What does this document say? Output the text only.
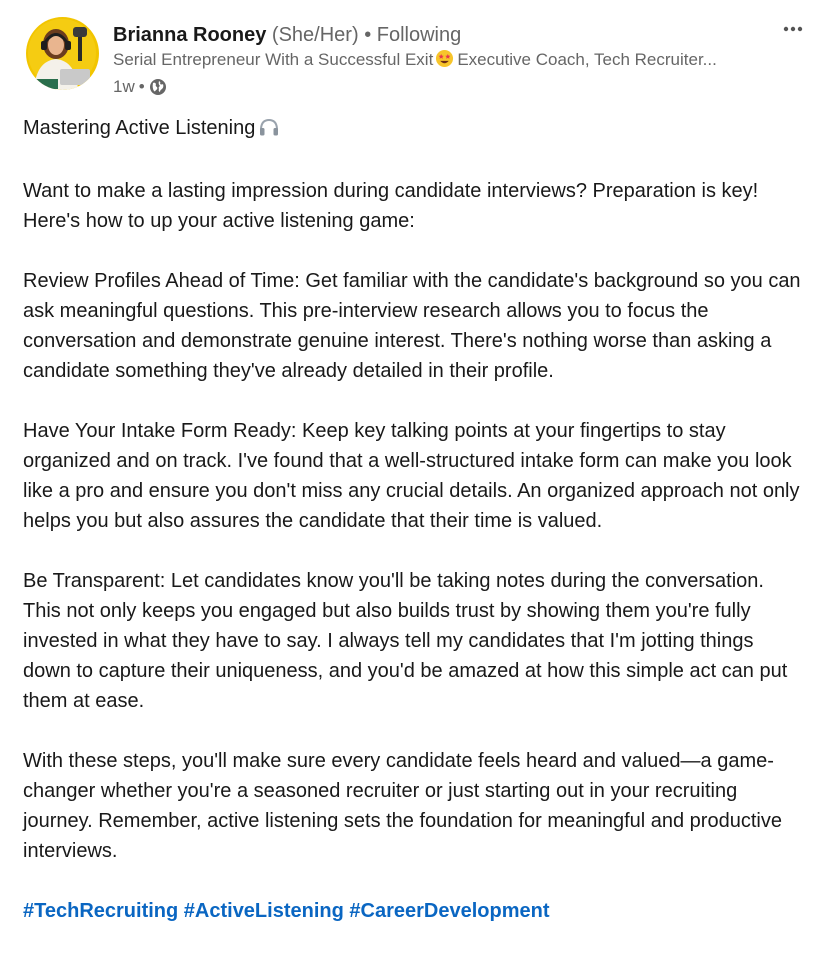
Brianna Rooney (She/Her) • Following
Serial Entrepreneur With a Successful Exit Executive Coach, Tech Recruiter...
1w •

Mastering Active Listening

Want to make a lasting impression during candidate interviews? Preparation is key! Here's how to up your active listening game:

Review Profiles Ahead of Time: Get familiar with the candidate's background so you can ask meaningful questions. This pre-interview research allows you to focus the conversation and demonstrate genuine interest. There's nothing worse than asking a candidate something they've already detailed in their profile.

Have Your Intake Form Ready: Keep key talking points at your fingertips to stay organized and on track. I've found that a well-structured intake form can make you look like a pro and ensure you don't miss any crucial details. An organized approach not only helps you but also assures the candidate that their time is valued.

Be Transparent: Let candidates know you'll be taking notes during the conversation. This not only keeps you engaged but also builds trust by showing them you're fully invested in what they have to say. I always tell my candidates that I'm jotting things down to capture their uniqueness, and you'd be amazed at how this simple act can put them at ease.

With these steps, you'll make sure every candidate feels heard and valued—a game-changer whether you're a seasoned recruiter or just starting out in your recruiting journey. Remember, active listening sets the foundation for meaningful and productive interviews.

#TechRecruiting #ActiveListening #CareerDevelopment
